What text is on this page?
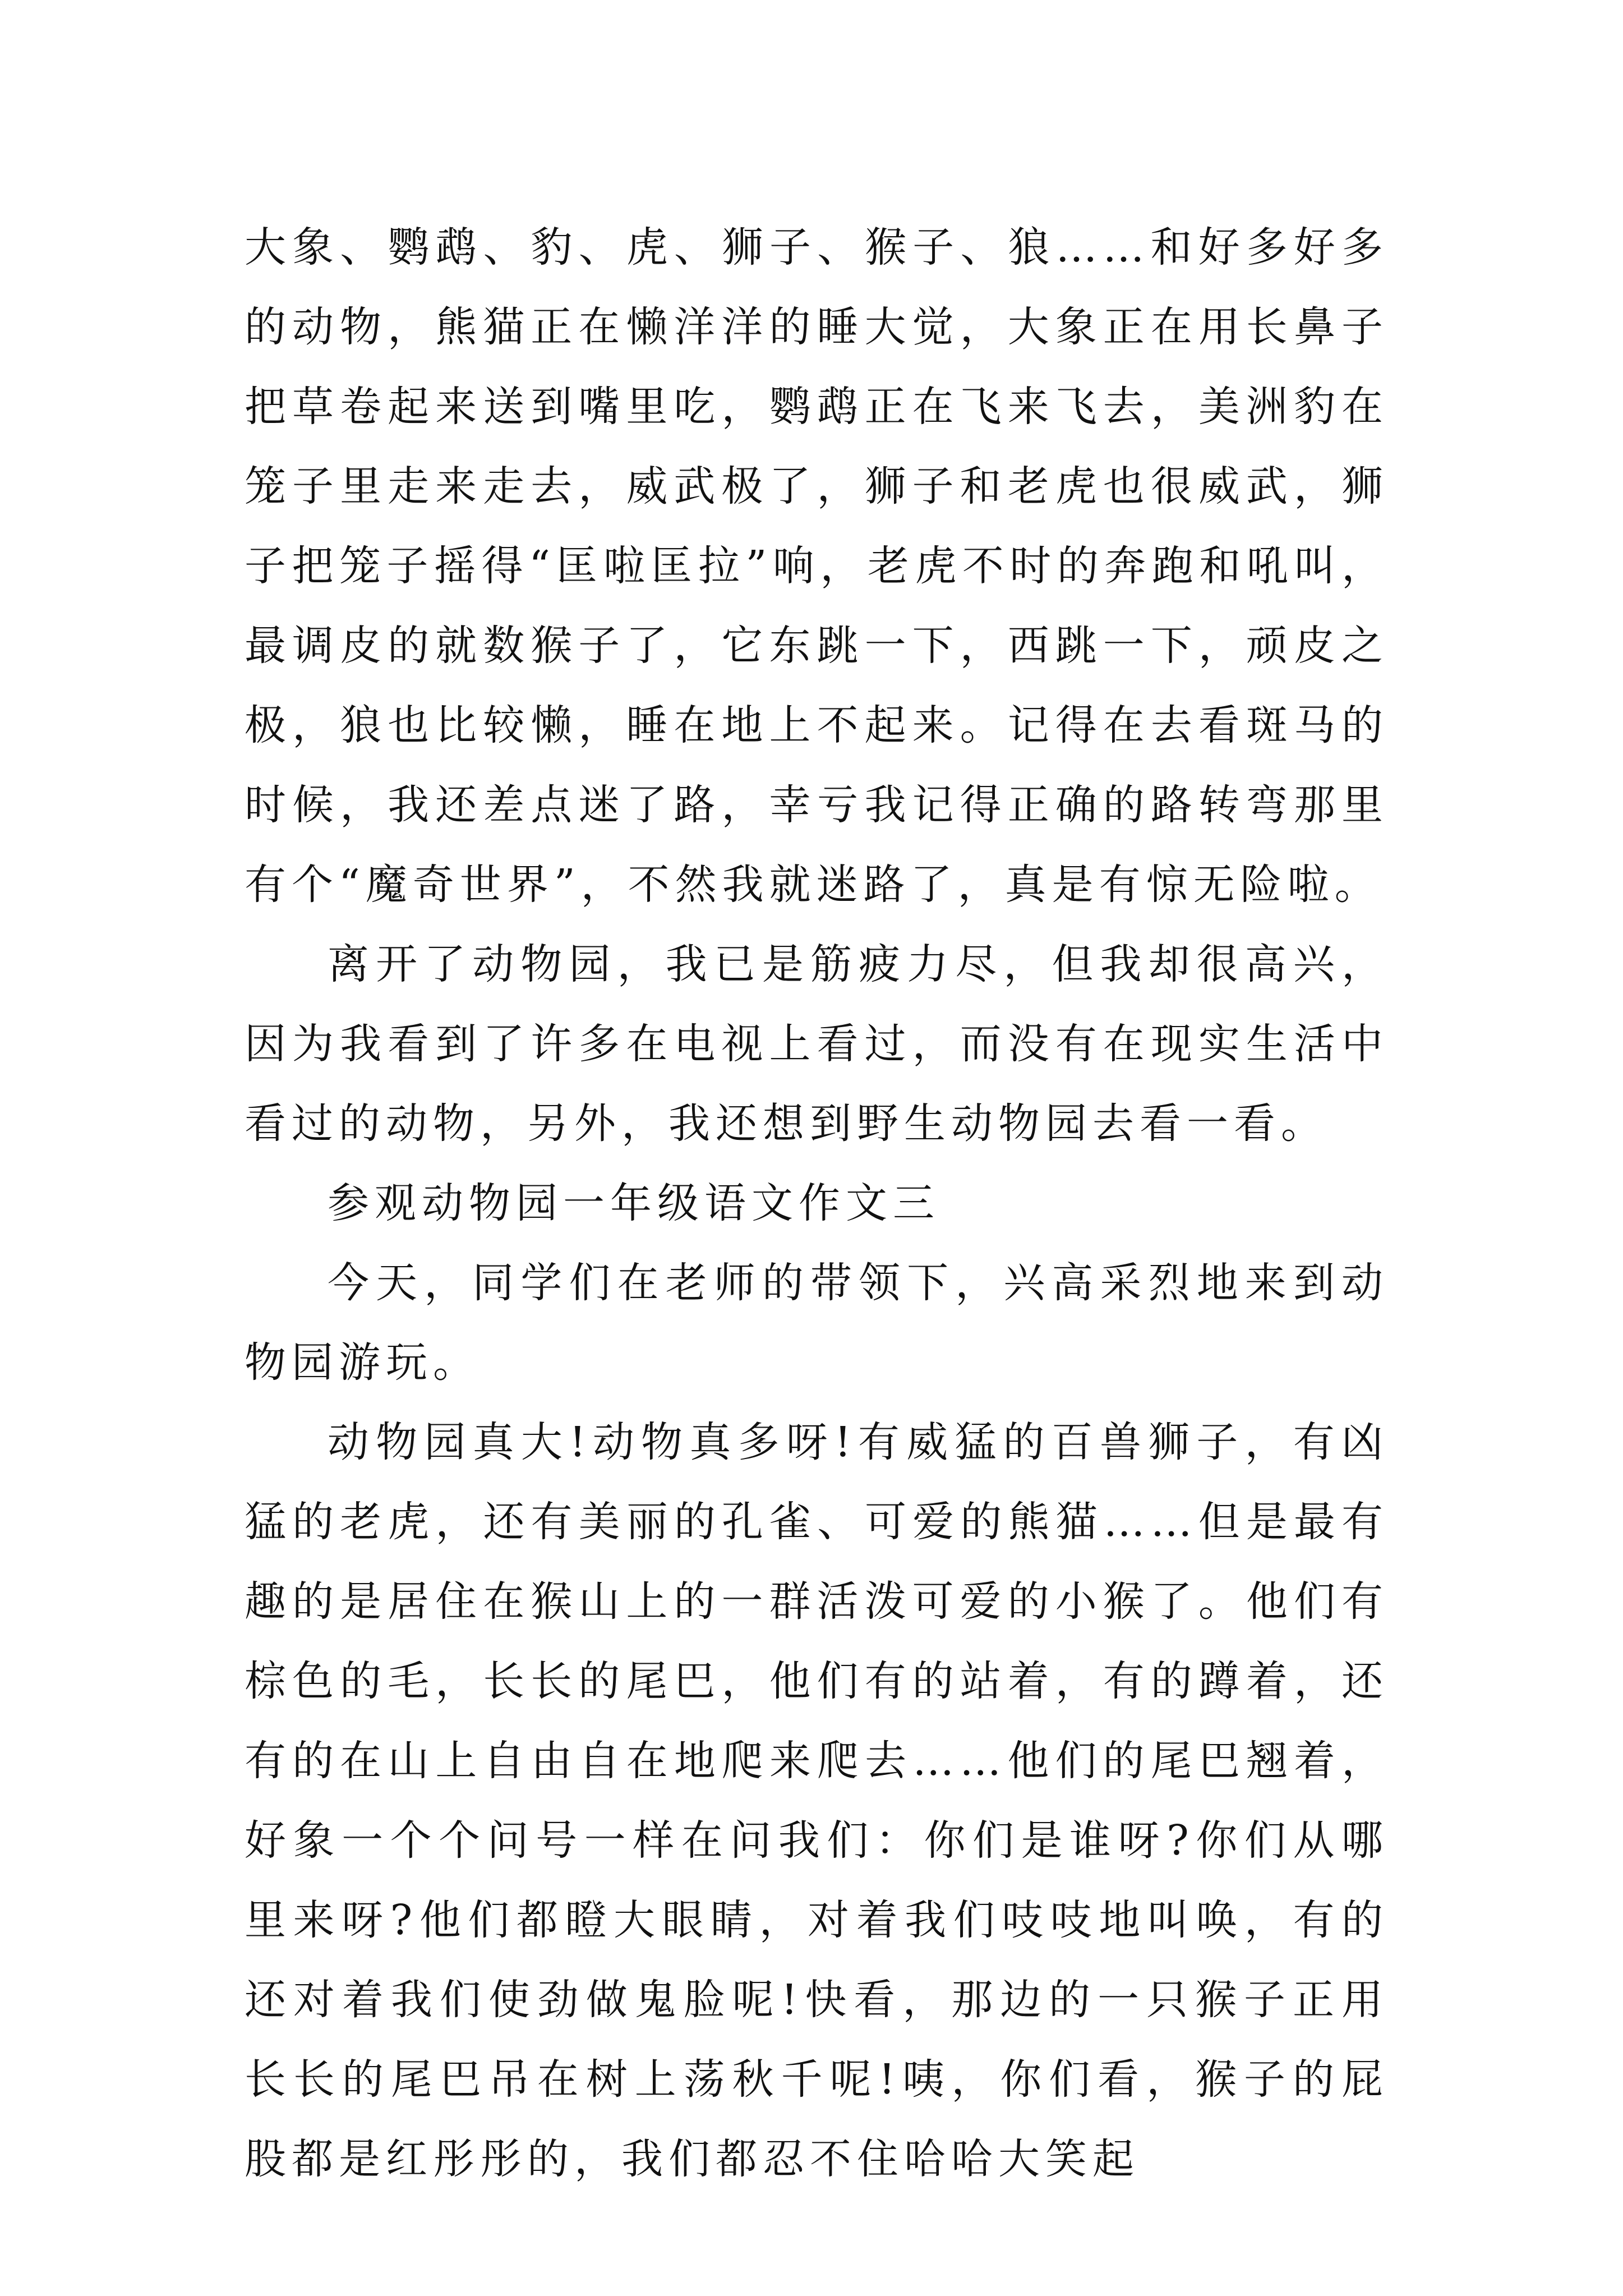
大象、鹦鹉、豹、虎、狮子、猴子、狼……和好多好多的动物，熊猫正在懒洋洋的睡大觉，大象正在用长鼻子把草卷起来送到嘴里吃，鹦鹉正在飞来飞去，美洲豹在笼子里走来走去，威武极了，狮子和老虎也很威武，狮子把笼子摇得“匡啦匡拉”响，老虎不时的奔跑和吼叫，最调皮的就数猴子了，它东跳一下，西跳一下，顽皮之极，狼也比较懒，睡在地上不起来。记得在去看斑马的时候，我还差点迷了路，幸亏我记得正确的路转弯那里有个“魔奇世界”，不然我就迷路了，真是有惊无险啦。

离开了动物园，我已是筋疲力尽，但我却很高兴，因为我看到了许多在电视上看过，而没有在现实生活中看过的动物，另外，我还想到野生动物园去看一看。

参观动物园一年级语文作文三

今天，同学们在老师的带领下，兴高采烈地来到动物园游玩。

动物园真大!动物真多呀!有威猛的百兽狮子，有凶猛的老虎，还有美丽的孔雀、可爱的熊猫……但是最有趣的是居住在猴山上的一群活泼可爱的小猴了。他们有棕色的毛，长长的尾巴，他们有的站着，有的蹲着，还有的在山上自由自在地爬来爬去……他们的尾巴翘着，好象一个个问号一样在问我们：你们是谁呀?你们从哪里来呀?他们都瞪大眼睛，对着我们吱吱地叫唤，有的还对着我们使劲做鬼脸呢!快看，那边的一只猴子正用长长的尾巴吊在树上荡秋千呢!咦，你们看，猴子的屁股都是红彤彤的，我们都忍不住哈哈大笑起
